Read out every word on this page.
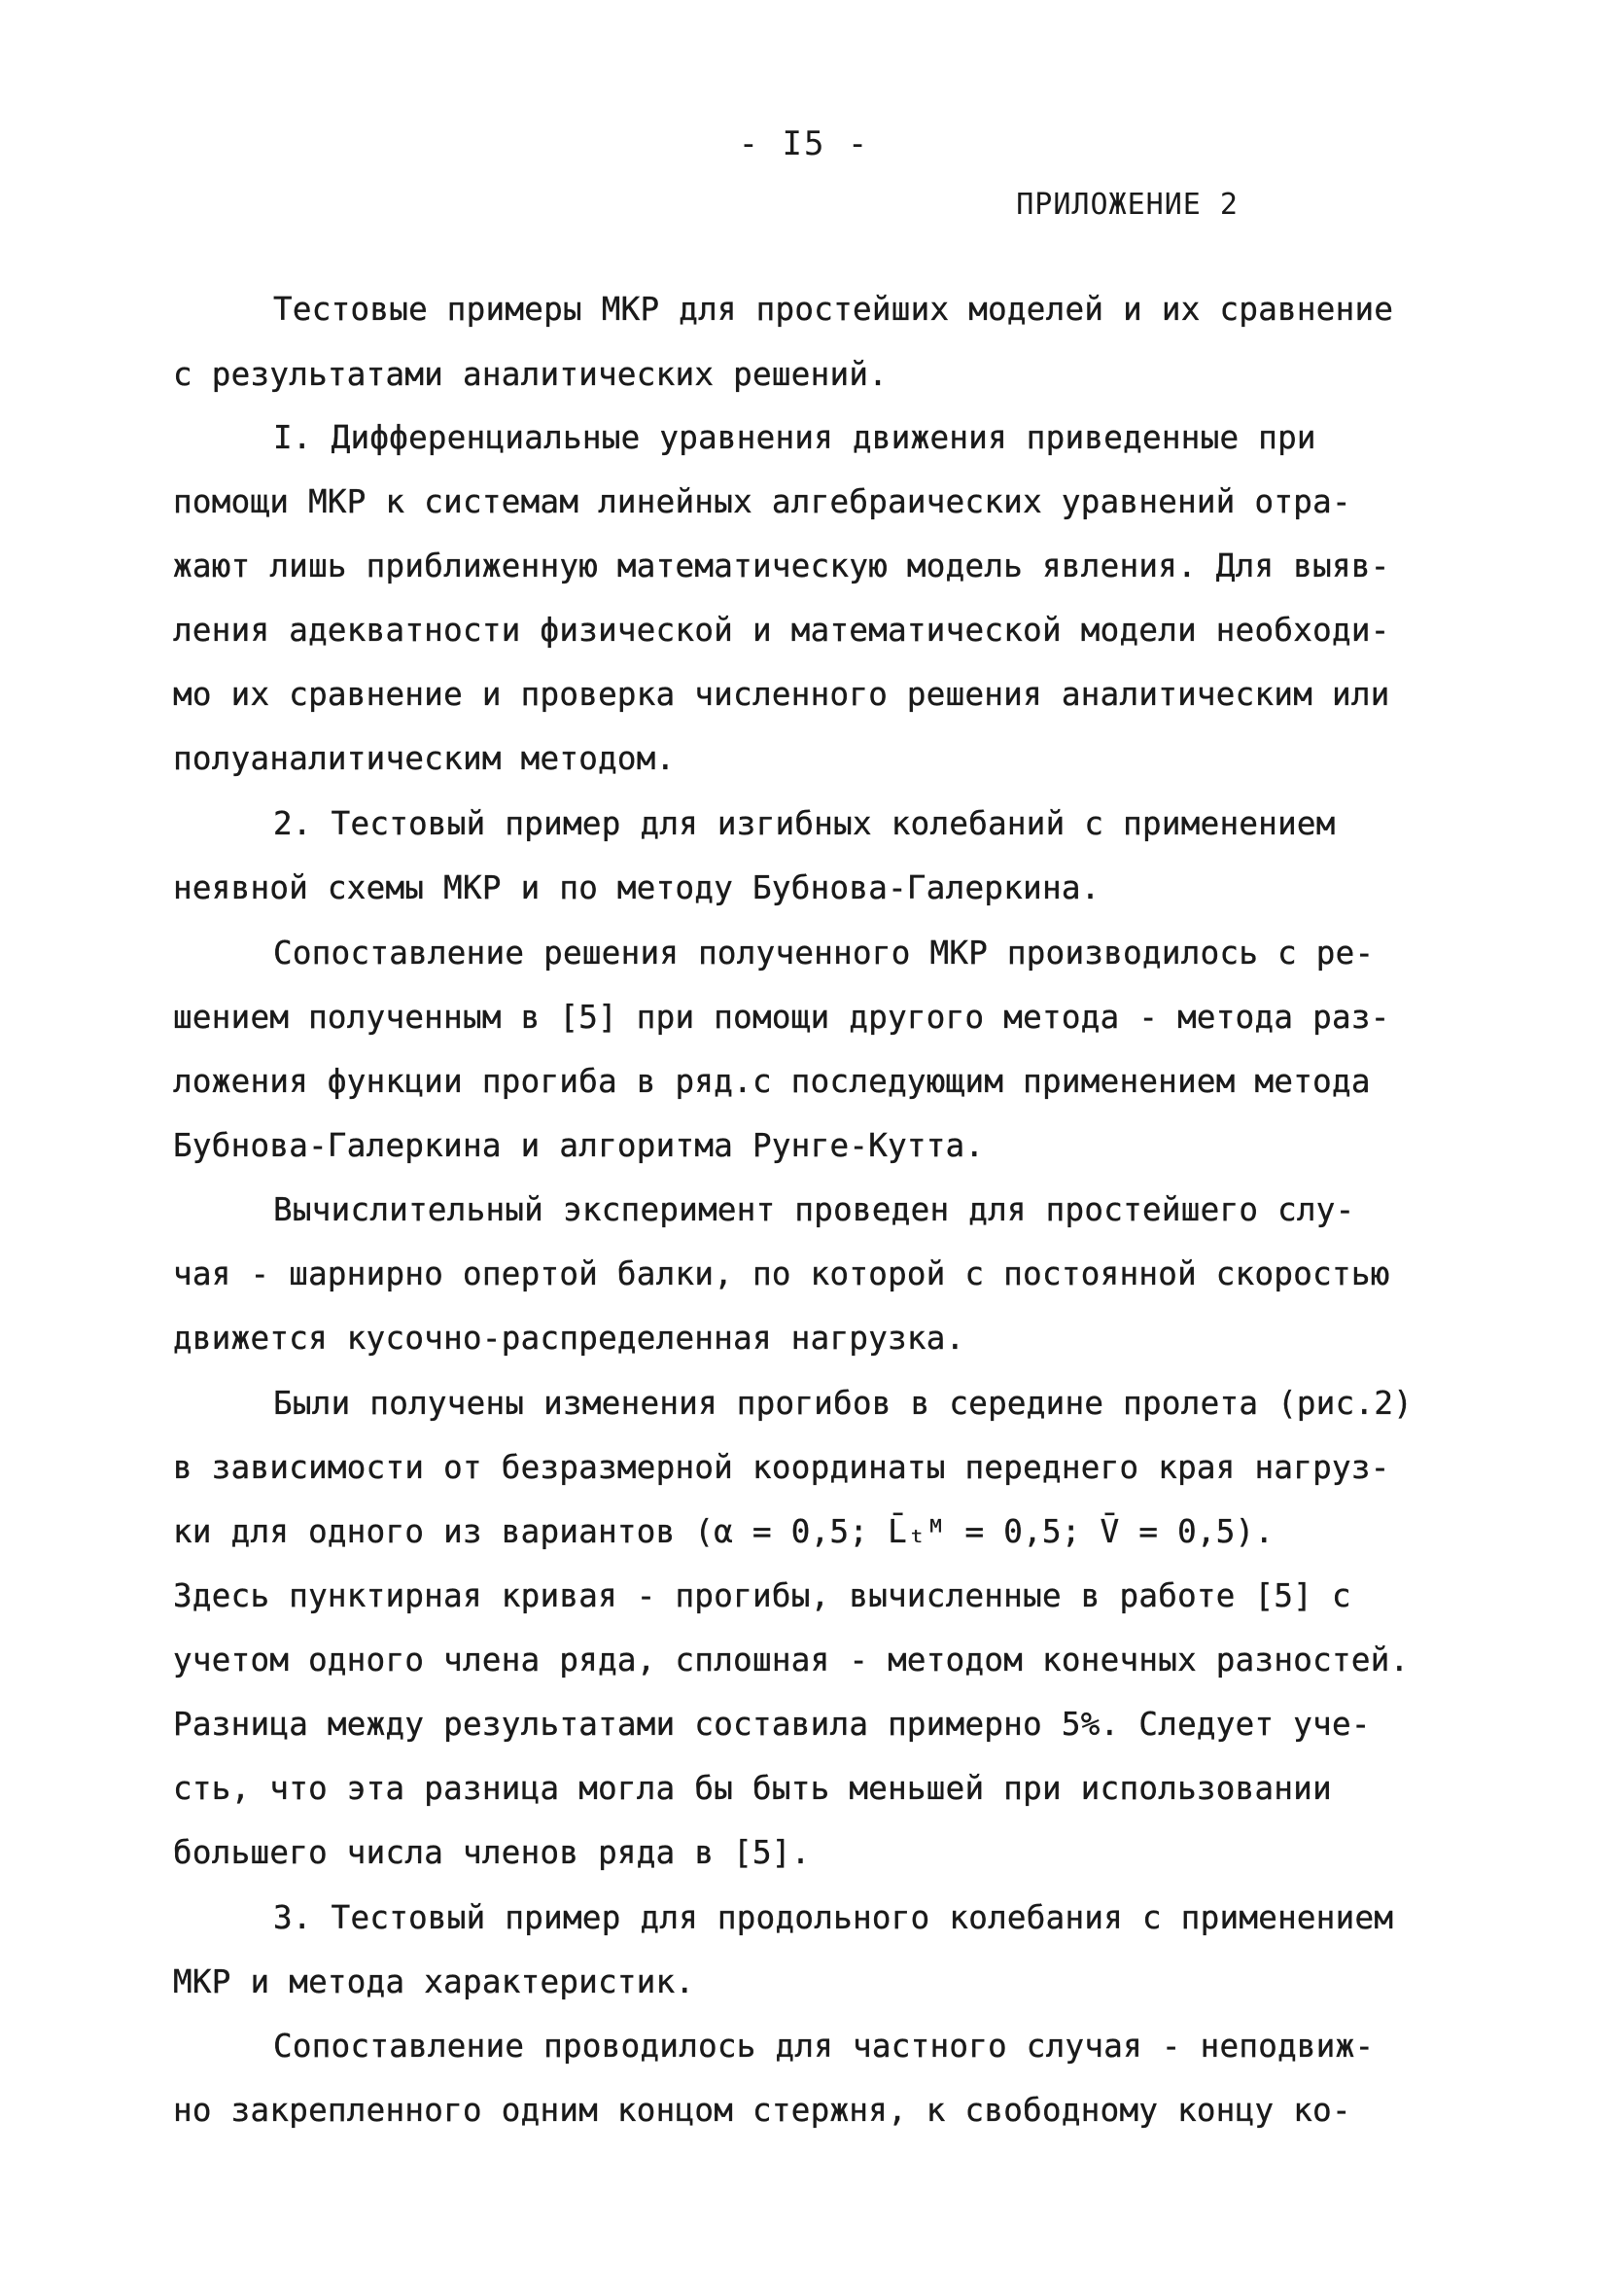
- I5 -
ПРИЛОЖЕНИЕ 2
Тестовые примеры МКР для простейших моделей и их сравнение
с результатами аналитических решений.
I. Дифференциальные уравнения движения приведенные при
помощи МКР к системам линейных алгебраических уравнений отра-
жают лишь приближенную математическую модель явления. Для выяв-
ления адекватности физической и математической модели необходи-
мо их сравнение и проверка численного решения аналитическим или
полуаналитическим методом.
2. Тестовый пример для изгибных колебаний с применением
неявной схемы МКР и по методу Бубнова-Галеркина.
Сопоставление решения полученного МКР производилось с ре-
шением полученным в [5] при помощи другого метода - метода раз-
ложения функции прогиба в ряд.с последующим применением метода
Бубнова-Галеркина и алгоритма Рунге-Кутта.
Вычислительный эксперимент проведен для простейшего слу-
чая - шарнирно опертой балки, по которой с постоянной скоростью
движется кусочно-распределенная нагрузка.
Были получены изменения прогибов в середине пролета (рис.2)
в зависимости от безразмерной координаты переднего края нагруз-
ки для одного из вариантов (α = 0,5; L̄ₜᴹ = 0,5; V̄ = 0,5).
Здесь пунктирная кривая - прогибы, вычисленные в работе [5] с
учетом одного члена ряда, сплошная - методом конечных разностей.
Разница между результатами составила примерно 5%. Следует уче-
сть, что эта разница могла бы быть меньшей при использовании
большего числа членов ряда в [5].
3. Тестовый пример для продольного колебания с применением
МКР и метода характеристик.
Сопоставление проводилось для частного случая - неподвиж-
но закрепленного одним концом стержня, к свободному концу ко-
